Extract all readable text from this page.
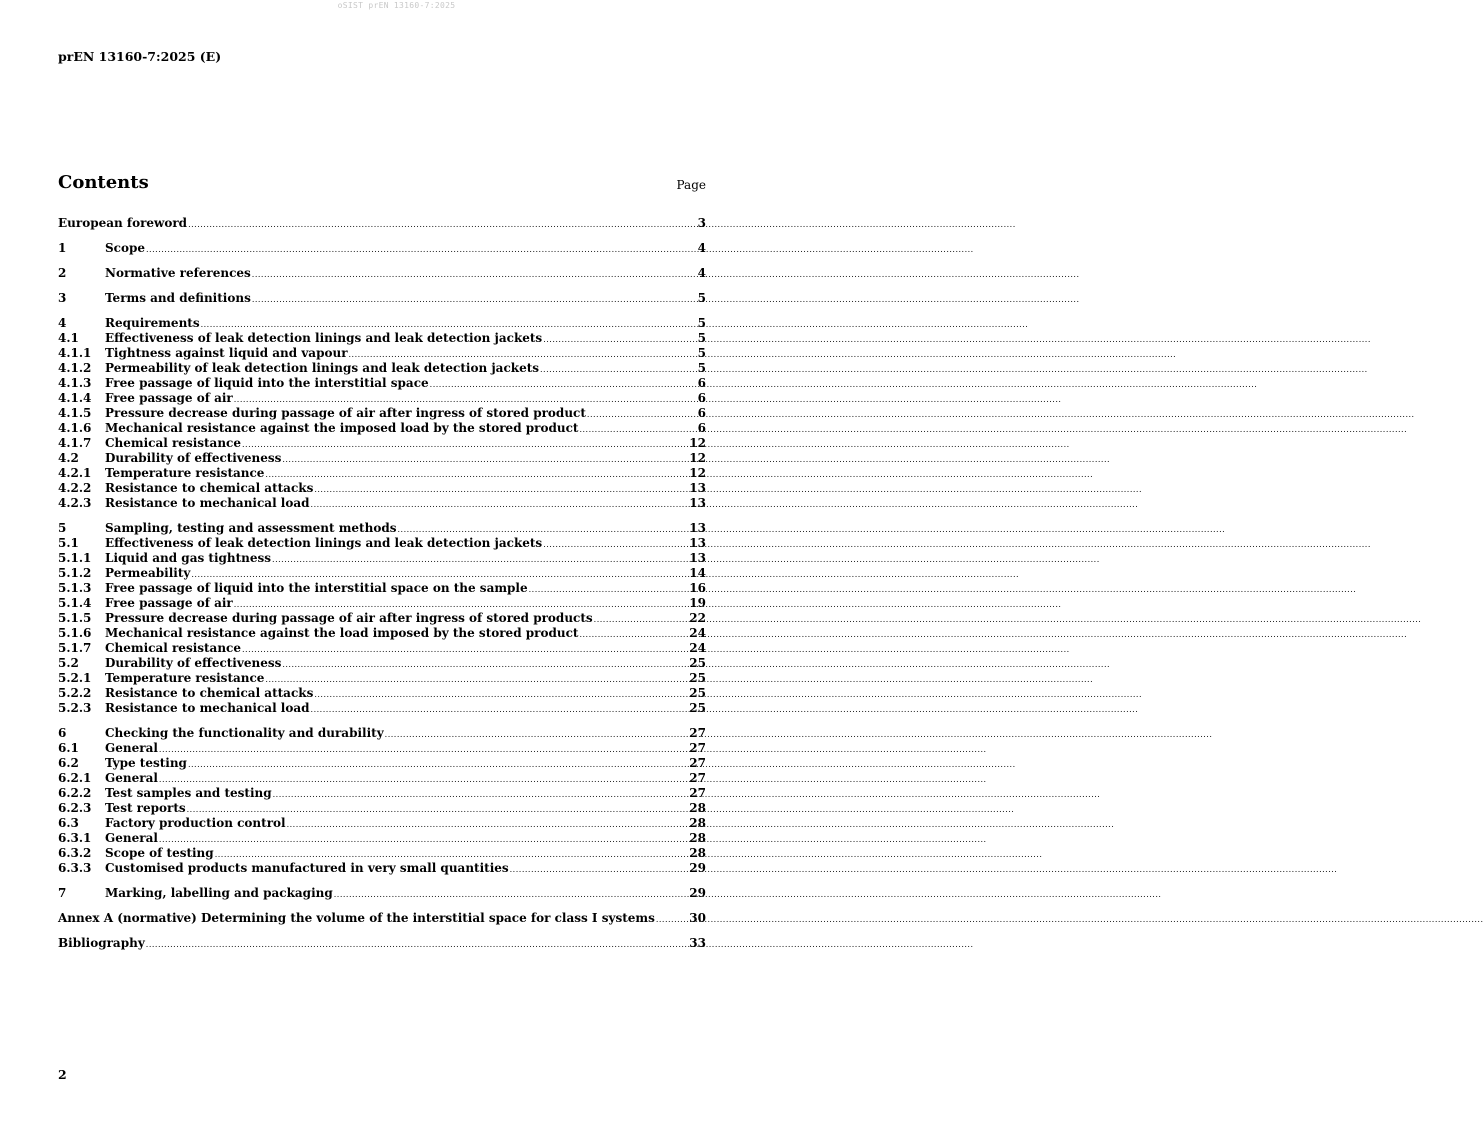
oSIST prEN 13160-7:2025
prEN 13160-7:2025 (E)
Contents	Page
European foreword .....	3
1	Scope .....	4
2	Normative references .....	4
3	Terms and definitions .....	5
4	Requirements .....	5
4.1	Effectiveness of leak detection linings and leak detection jackets .....	5
4.1.1	Tightness against liquid and vapour .....	5
4.1.2	Permeability of leak detection linings and leak detection jackets .....	5
4.1.3	Free passage of liquid into the interstitial space .....	6
4.1.4	Free passage of air .....	6
4.1.5	Pressure decrease during passage of air after ingress of stored product .....	6
4.1.6	Mechanical resistance against the imposed load by the stored product .....	6
4.1.7	Chemical resistance .....	12
4.2	Durability of effectiveness .....	12
4.2.1	Temperature resistance .....	12
4.2.2	Resistance to chemical attacks .....	13
4.2.3	Resistance to mechanical load .....	13
5	Sampling, testing and assessment methods .....	13
5.1	Effectiveness of leak detection linings and leak detection jackets .....	13
5.1.1	Liquid and gas tightness .....	13
5.1.2	Permeability .....	14
5.1.3	Free passage of liquid into the interstitial space on the sample .....	16
5.1.4	Free passage of air .....	19
5.1.5	Pressure decrease during passage of air after ingress of stored products .....	22
5.1.6	Mechanical resistance against the load imposed by the stored product .....	24
5.1.7	Chemical resistance .....	24
5.2	Durability of effectiveness .....	25
5.2.1	Temperature resistance .....	25
5.2.2	Resistance to chemical attacks .....	25
5.2.3	Resistance to mechanical load .....	25
6	Checking the functionality and durability .....	27
6.1	General .....	27
6.2	Type testing .....	27
6.2.1	General .....	27
6.2.2	Test samples and testing .....	27
6.2.3	Test reports .....	28
6.3	Factory production control .....	28
6.3.1	General .....	28
6.3.2	Scope of testing .....	28
6.3.3	Customised products manufactured in very small quantities .....	29
7	Marking, labelling and packaging .....	29
Annex A (normative) Determining the volume of the interstitial space for class I systems .....	30
Bibliography .....	33
2
